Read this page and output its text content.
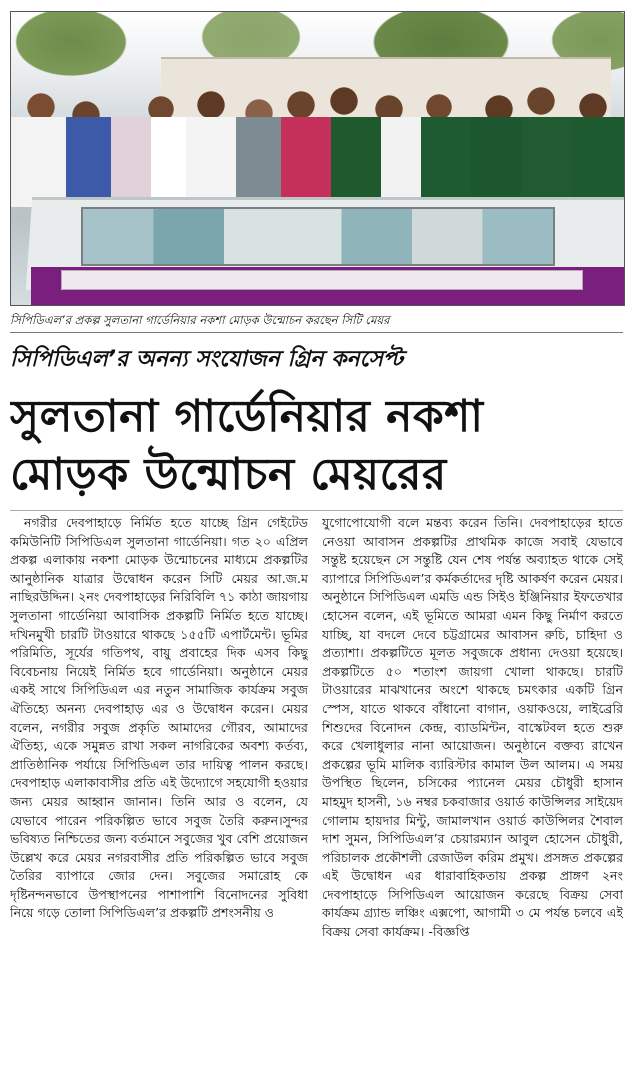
সিপিডিএল’র প্রকল্প সুলতানা গার্ডেনিয়ার নকশা মোড়ক উন্মোচন করছেন সিটি মেয়র
সিপিডিএল’র অনন্য সংযোজন গ্রিন কনসেপ্ট
সুলতানা গার্ডেনিয়ার নকশা
মোড়ক উন্মোচন মেয়রের

নগরীর দেবপাহাড়ে নির্মিত হতে যাচ্ছে গ্রিন গেইটেড কমিউনিটি সিপিডিএল সুলতানা গার্ডেনিয়া। গত ২০ এপ্রিল প্রকল্প এলাকায় নকশা মোড়ক উন্মোচনের মাধ্যমে প্রকল্পটির আনুষ্ঠানিক যাত্রার উদ্বোধন করেন সিটি মেয়র আ.জ.ম নাছিরউদ্দিন। ২নং দেবপাহাড়ের নিরিবিলি ৭১ কাঠা জায়গায় সুলতানা গার্ডেনিয়া আবাসিক প্রকল্পটি নির্মিত হতে যাচ্ছে। দখিনমুখী চারটি টাওয়ারে থাকছে ১৫৫টি এপার্টমেন্ট। ভূমির পরিমিতি, সূর্যের গতিপথ, বায়ু প্রবাহের দিক এসব কিছু বিবেচনায় নিয়েই নির্মিত হবে গার্ডেনিয়া। অনুষ্ঠানে মেয়র একই সাথে সিপিডিএল এর নতুন সামাজিক কার্যক্রম সবুজ ঐতিহ্যে অনন্য দেবপাহাড় এর ও উদ্বোধন করেন। মেয়র বলেন, নগরীর সবুজ প্রকৃতি আমাদের গৌরব, আমাদের ঐতিহ্য, একে সমুন্নত রাখা সকল নাগরিকের অবশ্য কর্তব্য, প্রাতিষ্ঠানিক পর্যায়ে সিপিডিএল তার দায়িত্ব পালন করছে। দেবপাহাড় এলাকাবাসীর প্রতি এই উদ্যোগে সহযোগী হওয়ার জন্য মেয়র আহ্বান জানান। তিনি আর ও বলেন, যে যেভাবে পারেন পরিকল্পিত ভাবে সবুজ তৈরি করুন।সুন্দর ভবিষ্যত নিশ্চিতের জন্য বর্তমানে সবুজের খুব বেশি প্রয়োজন উল্লেখ করে মেয়র নগরবাসীর প্রতি পরিকল্পিত ভাবে সবুজ তৈরির ব্যাপারে জোর দেন। সবুজের সমারোহ কে দৃষ্টিনন্দনভাবে উপস্থাপনের পাশাপাশি বিনোদনের সুবিধা নিয়ে গড়ে তোলা সিপিডিএল’র প্রকল্পটি প্রশংসনীয় ও

যুগোপোযোগী বলে মন্তব্য করেন তিনি। দেবপাহাড়ের হাতে নেওয়া আবাসন প্রকল্পটির প্রাথমিক কাজে সবাই যেভাবে সন্তুষ্ট হয়েছেন সে সন্তুষ্টি যেন শেষ পর্যন্ত অব্যাহত থাকে সেই ব্যাপারে সিপিডিএল’র কর্মকর্তাদের দৃষ্টি আকর্ষণ করেন মেয়র। অনুষ্ঠানে সিপিডিএল এমডি এন্ড সিইও ইঞ্জিনিয়ার ইফতেখার হোসেন বলেন, এই ভূমিতে আমরা এমন কিছু নির্মাণ করতে যাচ্ছি, যা বদলে দেবে চট্টগ্রামের আবাসন রুচি, চাহিদা ও প্রত্যাশা। প্রকল্পটিতে মূলত সবুজকে প্রধান্য দেওয়া হয়েছে।প্রকল্পটিতে ৫০ শতাংশ জায়গা খোলা থাকছে। চারটি টাওয়ারের মাঝখানের অংশে থাকছে চমৎকার একটি গ্রিন স্পেস, যাতে থাকবে বাঁধানো বাগান, ওয়াকওয়ে, লাইব্রেরি শিশুদের বিনোদন কেন্দ্র, ব্যাডমিন্টন, বাস্কেটবল হতে শুরু করে খেলাধুলার নানা আয়োজন। অনুষ্ঠানে বক্তব্য রাখেন প্রকল্পের ভূমি মালিক ব্যারিস্টার কামাল উল আলম। এ সময় উপস্থিত ছিলেন, চসিকের প্যানেল মেয়র চৌধুরী হাসান মাহমুদ হাসনী, ১৬ নম্বর চকবাজার ওয়ার্ড কাউন্সিলর সাইয়েদ গোলাম হায়দার মিন্টু, জামালখান ওয়ার্ড কাউন্সিলর শৈবাল দাশ সুমন, সিপিডিএল’র চেয়ারম্যান আবুল হোসেন চৌধুরী, পরিচালক প্রকৌশলী রেজাউল করিম প্রমুখ। প্রসঙ্গত প্রকল্পের এই উদ্বোধন এর ধারাবাহিকতায় প্রকল্প প্রাঙ্গণ ২নং দেবপাহাড়ে সিপিডিএল আয়োজন করেছে বিক্রয় সেবা কার্যক্রম গ্র্যান্ড লঞ্চিং এক্সপো, আগামী ৩ মে পর্যন্ত চলবে এই বিক্রয় সেবা কার্যক্রম। -বিজ্ঞপ্তি
